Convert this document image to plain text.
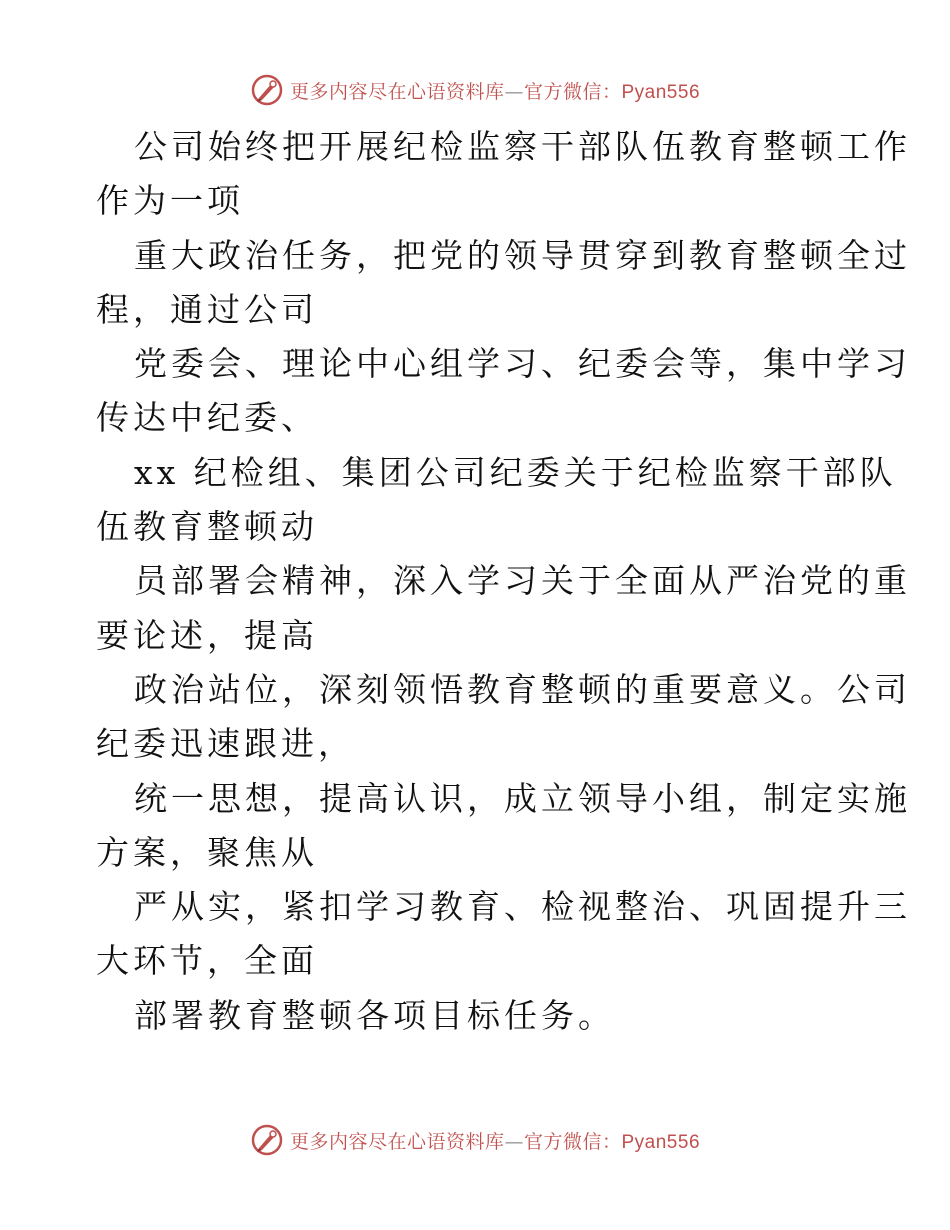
更多内容尽在心语资料库—官方微信：Pyan556

公司始终把开展纪检监察干部队伍教育整顿工作
作为一项

重大政治任务，把党的领导贯穿到教育整顿全过
程，通过公司

党委会、理论中心组学习、纪委会等，集中学习
传达中纪委、

xx 纪检组、集团公司纪委关于纪检监察干部队
伍教育整顿动

员部署会精神，深入学习关于全面从严治党的重
要论述，提高

政治站位，深刻领悟教育整顿的重要意义。公司
纪委迅速跟进，

统一思想，提高认识，成立领导小组，制定实施
方案，聚焦从

严从实，紧扣学习教育、检视整治、巩固提升三
大环节，全面

部署教育整顿各项目标任务。

更多内容尽在心语资料库—官方微信：Pyan556
